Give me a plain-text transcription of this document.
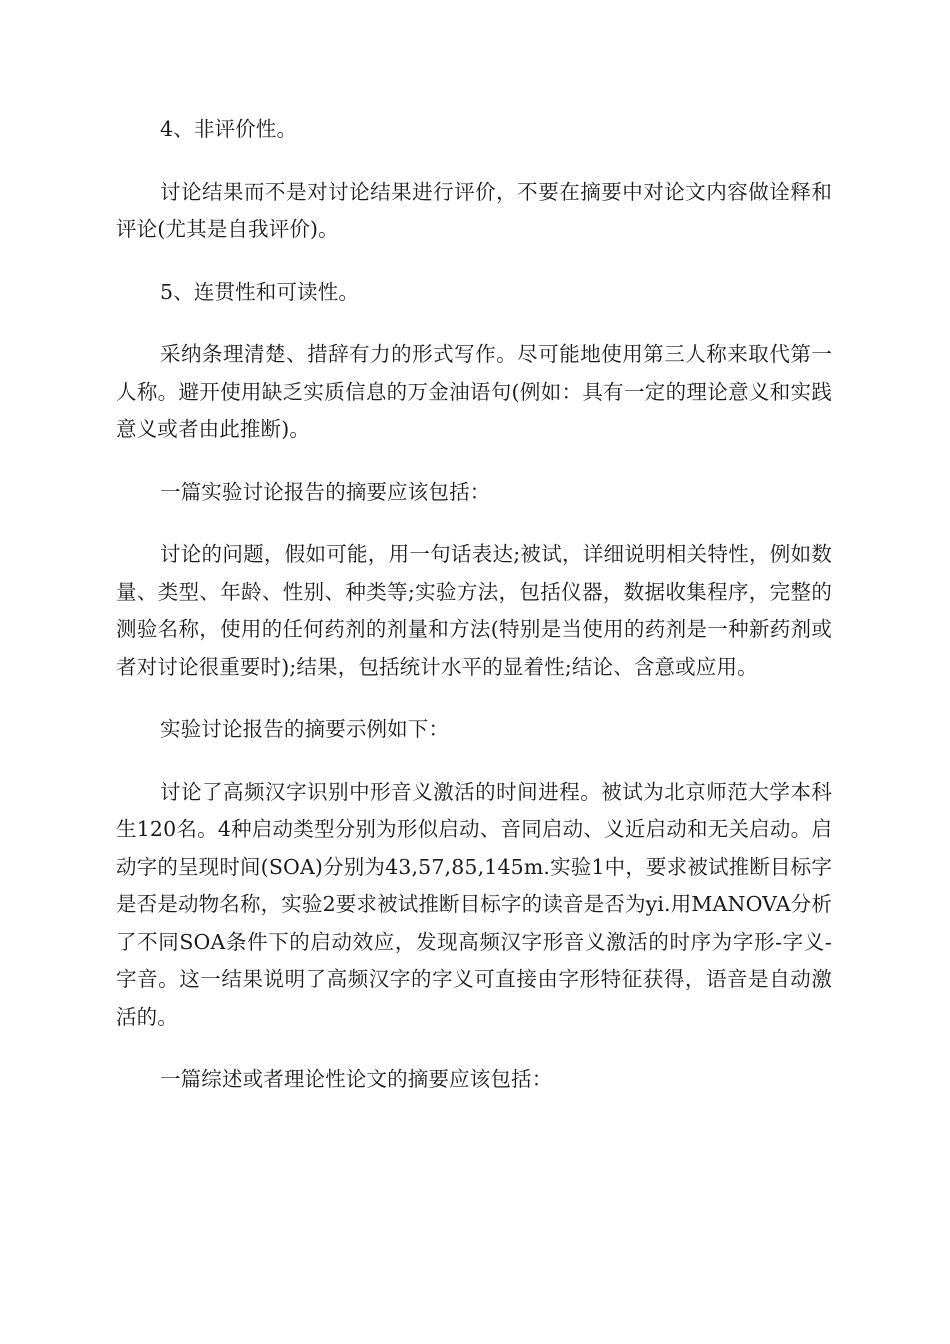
4、非评价性。

讨论结果而不是对讨论结果进行评价，不要在摘要中对论文内容做诠释和评论(尤其是自我评价)。

5、连贯性和可读性。

采纳条理清楚、措辞有力的形式写作。尽可能地使用第三人称来取代第一人称。避开使用缺乏实质信息的万金油语句(例如：具有一定的理论意义和实践意义或者由此推断)。

一篇实验讨论报告的摘要应该包括：

讨论的问题，假如可能，用一句话表达;被试，详细说明相关特性，例如数量、类型、年龄、性别、种类等;实验方法，包括仪器，数据收集程序，完整的测验名称，使用的任何药剂的剂量和方法(特别是当使用的药剂是一种新药剂或者对讨论很重要时);结果，包括统计水平的显着性;结论、含意或应用。

实验讨论报告的摘要示例如下：

讨论了高频汉字识别中形音义激活的时间进程。被试为北京师范大学本科生120名。4种启动类型分别为形似启动、音同启动、义近启动和无关启动。启动字的呈现时间(SOA)分别为43,57,85,145m.实验1中，要求被试推断目标字是否是动物名称，实验2要求被试推断目标字的读音是否为yi.用MANOVA分析了不同SOA条件下的启动效应，发现高频汉字形音义激活的时序为字形-字义-字音。这一结果说明了高频汉字的字义可直接由字形特征获得，语音是自动激活的。

一篇综述或者理论性论文的摘要应该包括：
